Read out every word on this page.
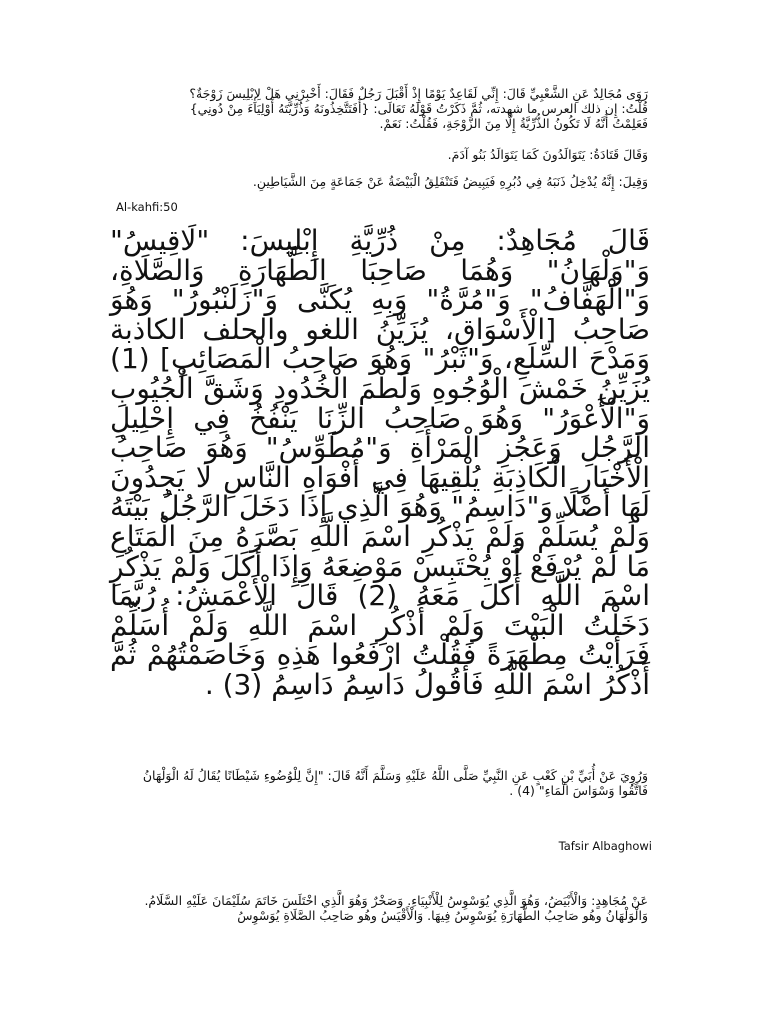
رَوَى مُجَالِدٌ عَنِ الشَّعْبِيِّ قَالَ: إِنِّي لَقَاعِدٌ يَوْمًا إِذْ أَقْبَلَ رَجُلٌ فَقَالَ: أَخْبِرْنِي هَلْ لِإِبْلِيسَ زَوْجَةٌ؟

قُلْتُ: إِن ذلك العرس ما شهدته، ثُمَّ ذَكَرْتُ قَوْلَهُ تَعَالَى: {أَفَتَتَّخِذُونَهُ وَذُرِّيَّتَهُ أَوْلِيَاءَ مِنْ دُونِي}

فَعَلِمْتُ أَنَّهُ لَا تَكُونُ الذُّرِّيَّةُ إِلَّا مِنَ الزَّوْجَةِ، فَقُلْتُ: نَعَمْ.

وَقَالَ قَتَادَةُ: يَتَوَالَدُونَ كَمَا يَتَوَالَدُ بَنُو آدَمَ.
وَقِيلَ: إِنَّهُ يُدْخِلُ ذَنَبَهُ فِي دُبُرِهِ فَيَبِيضُ فَتَنْفَلِقُ الْبَيْضَةُ عَنْ جَمَاعَةٍ مِنَ الشَّيَاطِينِ.
Al-kahfi:50
قَالَ مُجَاهِدٌ: مِنْ ذُرِّيَّةِ إِبْلِيسَ: "لَاقِيسُ" وَ"وَلْهَانُ" وَهُمَا صَاحِبَا الطَّهَارَةِ وَالصَّلَاةِ، وَ"الْهَفَّافُ" وَ"مُرَّةُ" وَبِهِ يُكَنَّى وَ"زَلَنْبُورُ" وَهُوَ صَاحِبُ [الْأَسْوَاقِ، يُزَيِّنُ اللغو والحلف الكاذبة وَمَدْحَ السِّلَعِ، وَ"ثَبْرُ" وَهُوَ صَاحِبُ الْمَصَائِبِ] (1) يُزَيِّنُ خَمْشَ الْوُجُوهِ وَلَطْمَ الْخُدُودِ وَشَقَّ الْجُيُوبِ وَ"الْأَعْوَرُ" وَهُوَ صَاحِبُ الزِّنَا يَنْفُخُ فِي إِحْلِيلِ الرَّجُلِ وَعَجُزِ الْمَرْأَةِ وَ"مُطَوِّسُ" وَهُوَ صَاحِبُ الْأَخْبَارِ الْكَاذِبَةِ يُلْقِيهَا فِي أَفْوَاهِ النَّاسِ لَا يَجِدُونَ لَهَا أَصْلًا وَ"دَاسِمُ" وَهُوَ الَّذِي إِذَا دَخَلَ الرَّجُلُ بَيْتَهُ وَلَمْ يُسَلِّمْ وَلَمْ يَذْكُرِ اسْمَ اللَّهِ بَصَّرَهُ مِنَ الْمَتَاعِ مَا لَمْ يُرْفَعْ أَوْ يُحْتَبِسْ مَوْضِعَهُ وَإِذَا أَكَلَ وَلَمْ يَذْكُرِ اسْمَ اللَّهِ أَكَلَ مَعَهُ (2) قَالَ الْأَعْمَشُ: رُبَّمَا دَخَلْتُ الْبَيْتَ وَلَمْ أَذْكُرِ اسْمَ اللَّهِ وَلَمْ أُسَلِّمْ فَرَأَيْتُ مِطْهَرَةً فَقُلْتُ ارْفَعُوا هَذِهِ وَخَاصَمْتُهُمْ ثُمَّ أَذْكُرُ اسْمَ اللَّهِ فَأَقُولُ دَاسِمُ دَاسِمُ (3) .
وَرُوِيَ عَنْ أُبَيِّ بْنِ كَعْبٍ عَنِ النَّبِيِّ صَلَّى اللَّهُ عَلَيْهِ وَسَلَّمَ أَنَّهُ قَالَ: "إِنَّ لِلْوُضُوءِ شَيْطَانًا يُقَالُ لَهُ الْوَلْهَانُ فَاتَّقُوا وَسْوَاسَ الْمَاءِ" (4) .
Tafsir Albaghowi
عَنْ مُجَاهِدٍ: وَالْأَبْيَضُ، وَهُوَ الَّذِي يُوَسْوِسُ لِلْأَنْبِيَاءِ. وَصَخْرٌ وَهُوَ الَّذِي اخْتَلَسَ خَاتَمَ سُلَيْمَانَ عَلَيْهِ السَّلَامُ. وَالْوَلْهَانُ وهُو صَاحِبُ الطَّهَارَةِ يُوَسْوِسُ فِيهَا. وَالْأَقْيَسُ وهُو صَاحِبُ الصَّلَاةِ يُوَسْوِسُ
